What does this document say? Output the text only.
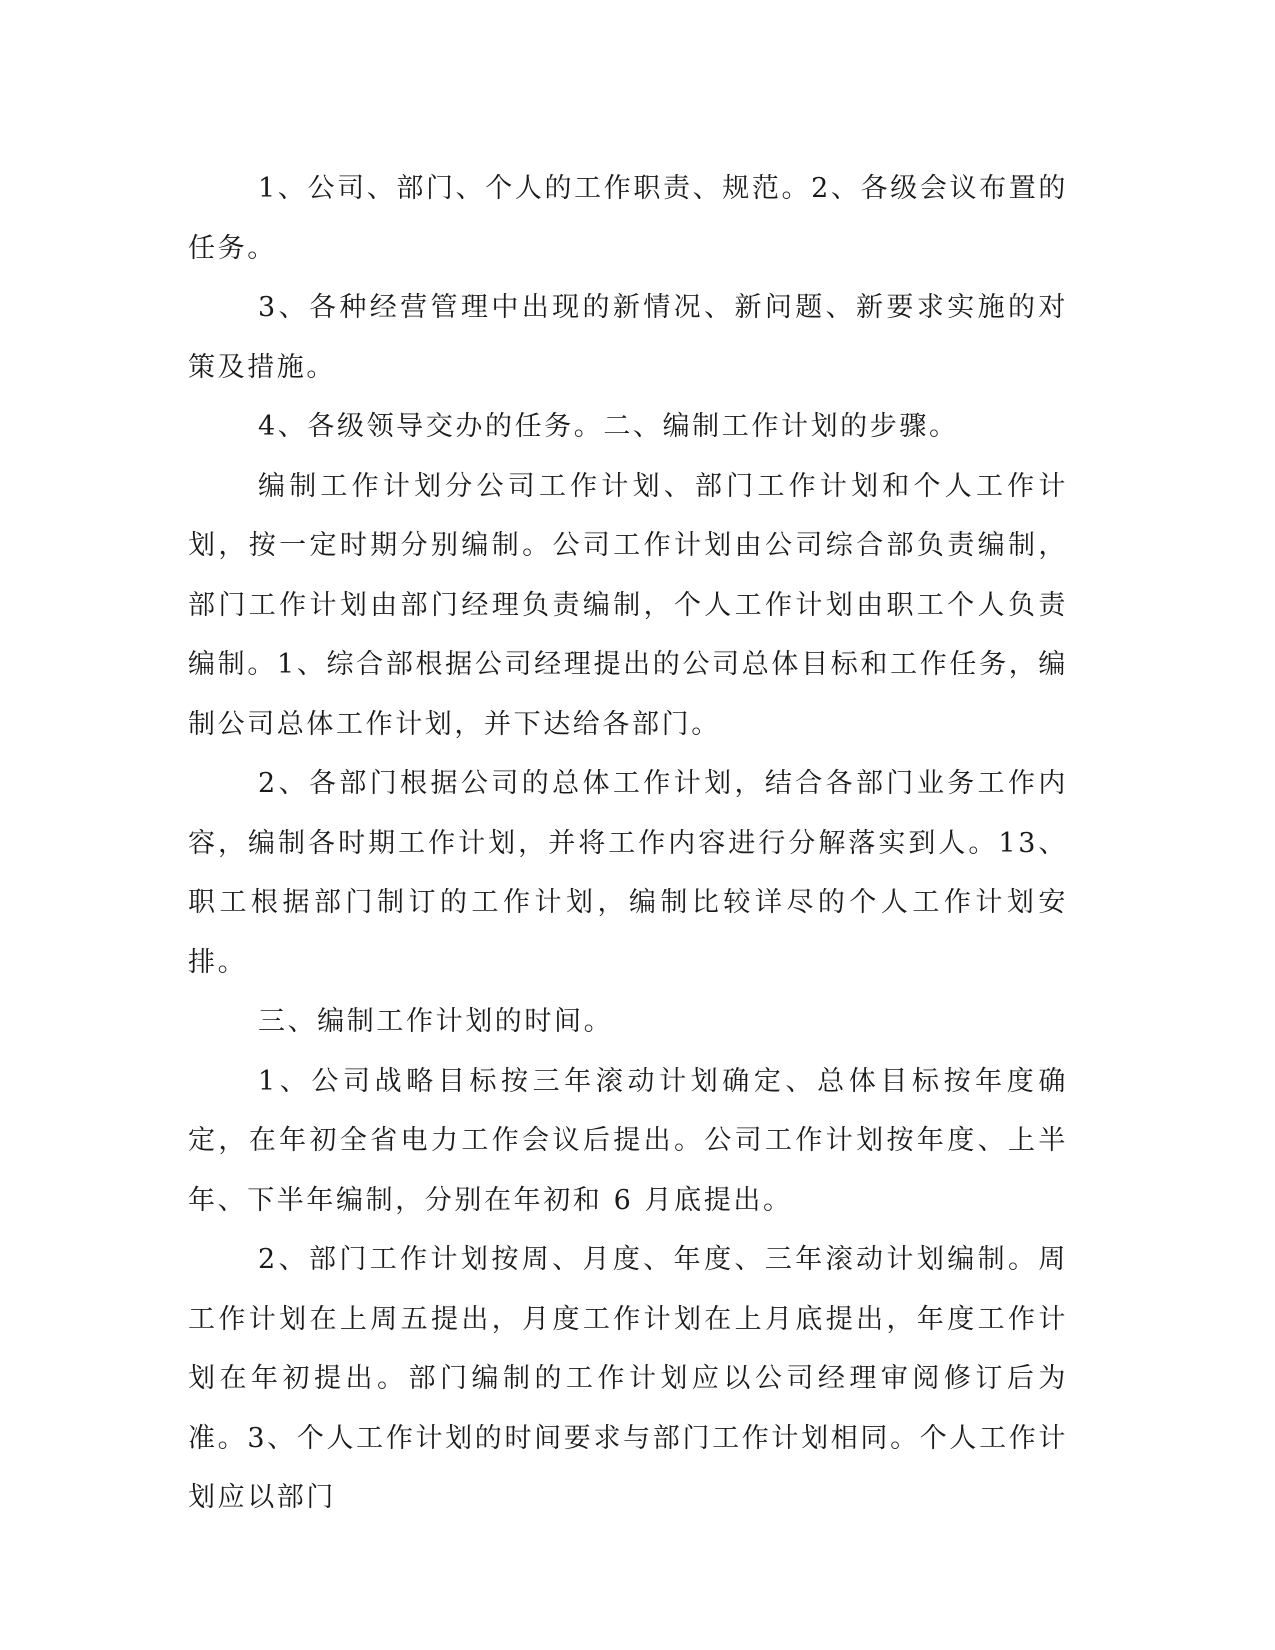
1、公司、部门、个人的工作职责、规范。2、各级会议布置的任务。

3、各种经营管理中出现的新情况、新问题、新要求实施的对策及措施。

4、各级领导交办的任务。二、编制工作计划的步骤。

编制工作计划分公司工作计划、部门工作计划和个人工作计划，按一定时期分别编制。公司工作计划由公司综合部负责编制，部门工作计划由部门经理负责编制，个人工作计划由职工个人负责编制。1、综合部根据公司经理提出的公司总体目标和工作任务，编制公司总体工作计划，并下达给各部门。

2、各部门根据公司的总体工作计划，结合各部门业务工作内容，编制各时期工作计划，并将工作内容进行分解落实到人。13、职工根据部门制订的工作计划，编制比较详尽的个人工作计划安排。

三、编制工作计划的时间。

1、公司战略目标按三年滚动计划确定、总体目标按年度确定，在年初全省电力工作会议后提出。公司工作计划按年度、上半年、下半年编制，分别在年初和 6 月底提出。

2、部门工作计划按周、月度、年度、三年滚动计划编制。周工作计划在上周五提出，月度工作计划在上月底提出，年度工作计划在年初提出。部门编制的工作计划应以公司经理审阅修订后为准。3、个人工作计划的时间要求与部门工作计划相同。个人工作计划应以部门
